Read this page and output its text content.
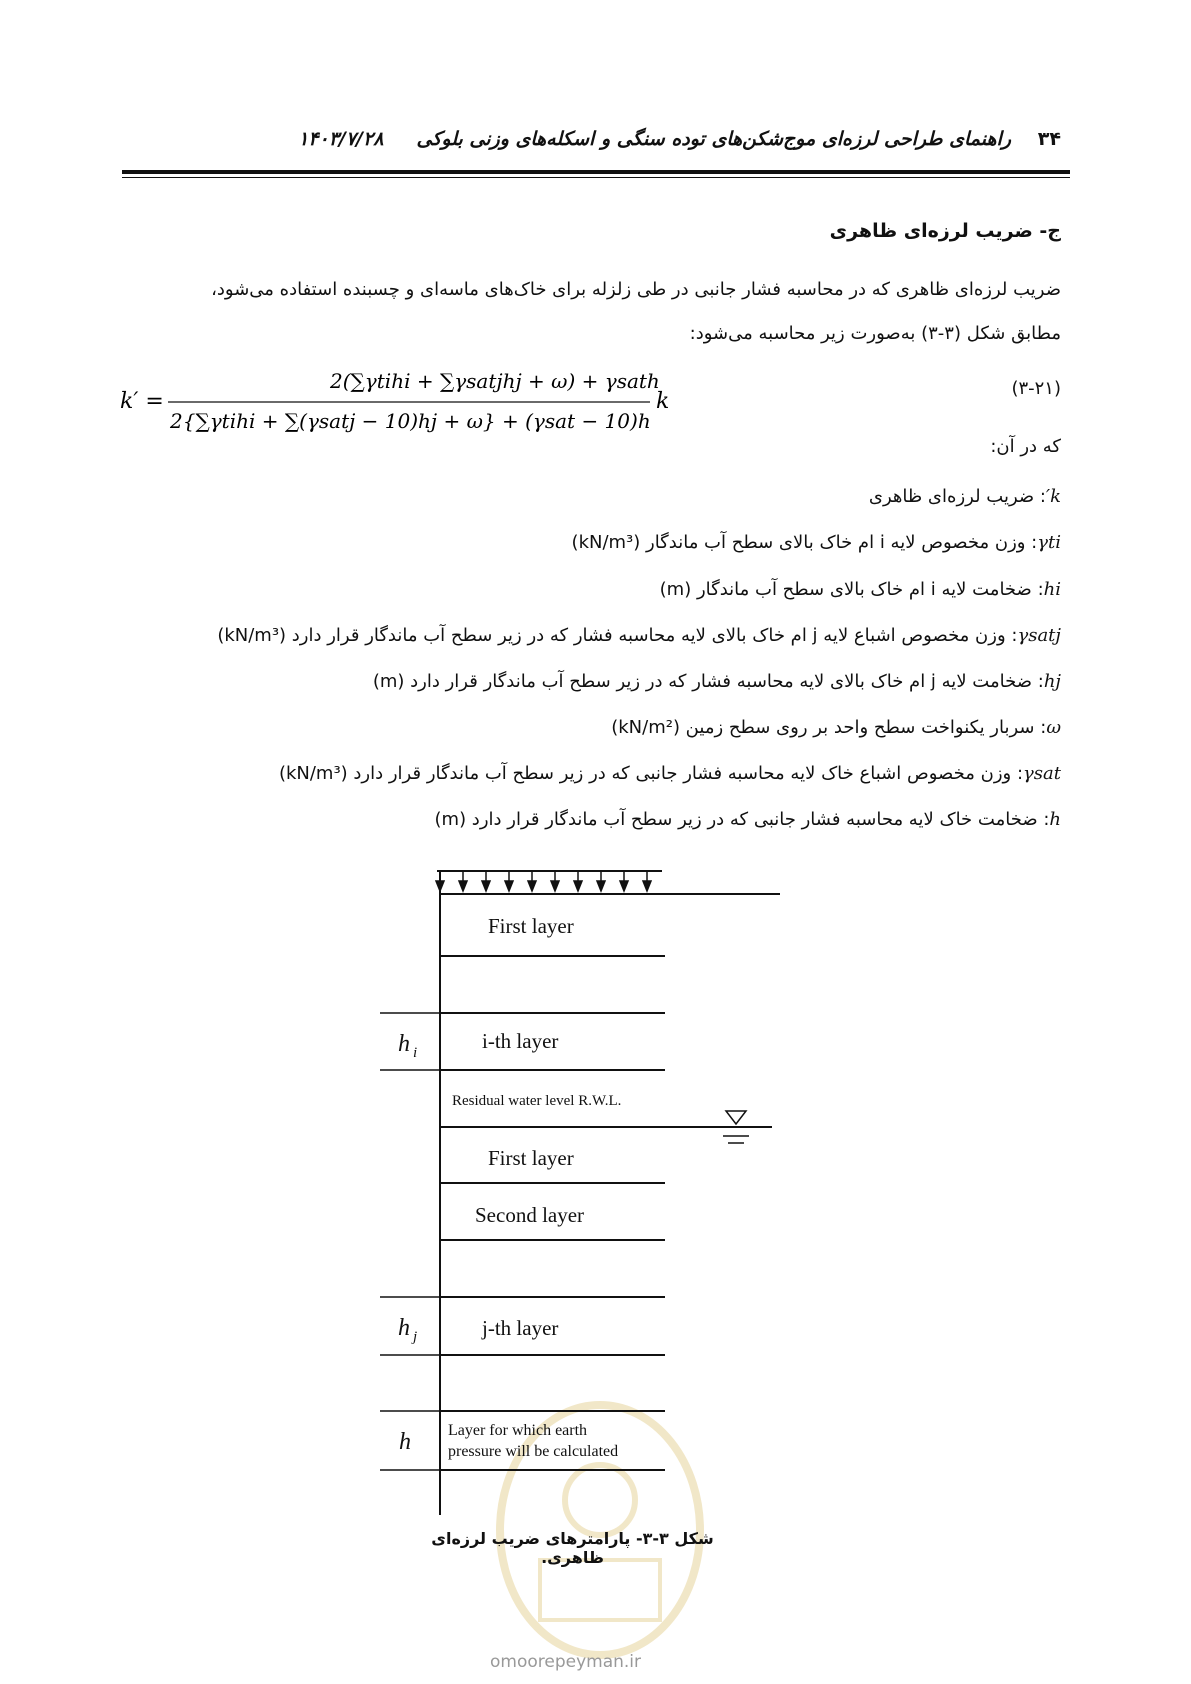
راهنمای طراحی لرزه‌ای موج‌شکن‌های توده سنگی و اسکله‌های وزنی بلوکی     ۱۴۰۳/۷/۲۸	۳۴
ج- ضریب لرزه‌ای ظاهری
ضریب لرزه‌ای ظاهری که در محاسبه فشار جانبی در طی زلزله برای خاک‌های ماسه‌ای و چسبنده استفاده می‌شود،
مطابق شکل (۳-۳) به‌صورت زیر محاسبه می‌شود:
k′ =
2(∑γtihi + ∑γsatjhj + ω) + γsath
2{∑γtihi + ∑(γsatj − 10)hj + ω} + (γsat − 10)h
k
(۳-۲۱)
که در آن:
k′: ضریب لرزه‌ای ظاهری
γti: وزن مخصوص لایه i ام خاک بالای سطح آب ماندگار (kN/m³)
hi: ضخامت لایه i ام خاک بالای سطح آب ماندگار (m)
γsatj: وزن مخصوص اشباع لایه j ام خاک بالای لایه محاسبه فشار که در زیر سطح آب ماندگار قرار دارد (kN/m³)
hj: ضخامت لایه j ام خاک بالای لایه محاسبه فشار که در زیر سطح آب ماندگار قرار دارد (m)
ω: سربار یکنواخت سطح واحد بر روی سطح زمین (kN/m²)
γsat: وزن مخصوص اشباع خاک لایه محاسبه فشار جانبی که در زیر سطح آب ماندگار قرار دارد (kN/m³)
h: ضخامت خاک لایه محاسبه فشار جانبی که در زیر سطح آب ماندگار قرار دارد (m)
omoorepeyman.ir
h i
h j
h
First layer
i-th layer
Residual water level R.W.L.
First layer
Second layer
j-th layer
Layer for which earth
pressure will be calculated
شکل ۳-۳- پارامترهای ضریب لرزه‌ای ظاهری.
